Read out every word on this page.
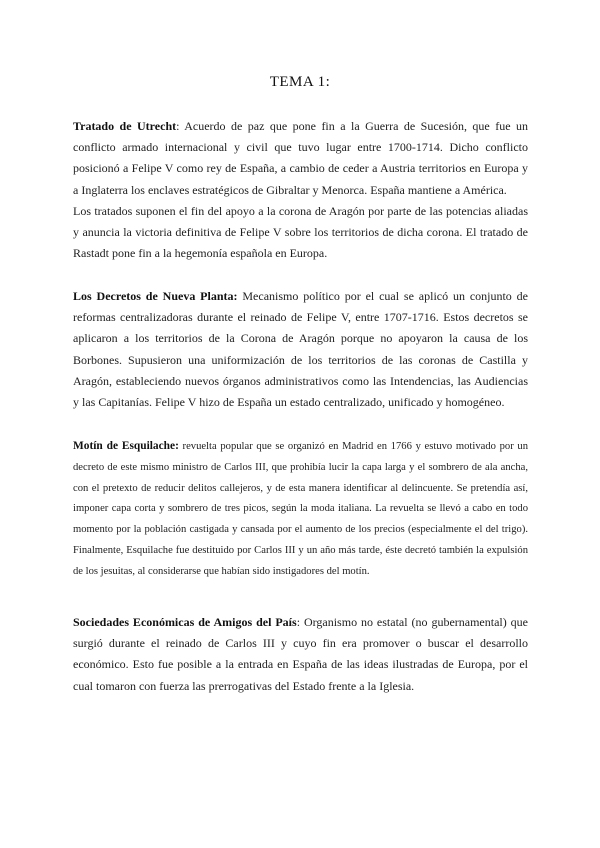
TEMA 1:

Tratado de Utrecht: Acuerdo de paz que pone fin a la Guerra de Sucesión, que fue un conflicto armado internacional y civil que tuvo lugar entre 1700-1714. Dicho conflicto posicionó a Felipe V como rey de España, a cambio de ceder a Austria territorios en Europa y a Inglaterra los enclaves estratégicos de Gibraltar y Menorca. España mantiene a América.

Los tratados suponen el fin del apoyo a la corona de Aragón por parte de las potencias aliadas y anuncia la victoria definitiva de Felipe V sobre los territorios de dicha corona. El tratado de Rastadt pone fin a la hegemonía española en Europa.

Los Decretos de Nueva Planta: Mecanismo político por el cual se aplicó un conjunto de reformas centralizadoras durante el reinado de Felipe V, entre 1707-1716. Estos decretos se aplicaron a los territorios de la Corona de Aragón porque no apoyaron la causa de los Borbones. Supusieron una uniformización de los territorios de las coronas de Castilla y Aragón, estableciendo nuevos órganos administrativos como las Intendencias, las Audiencias y las Capitanías. Felipe V hizo de España un estado centralizado, unificado y homogéneo.

Motín de Esquilache: revuelta popular que se organizó en Madrid en 1766 y estuvo motivado por un decreto de este mismo ministro de Carlos III, que prohibía lucir la capa larga y el sombrero de ala ancha, con el pretexto de reducir delitos callejeros, y de esta manera identificar al delincuente. Se pretendía así, imponer capa corta y sombrero de tres picos, según la moda italiana. La revuelta se llevó a cabo en todo momento por la población castigada y cansada por el aumento de los precios (especialmente el del trigo). Finalmente, Esquilache fue destituido por Carlos III y un año más tarde, éste decretó también la expulsión de los jesuitas, al considerarse que habían sido instigadores del motín.

Sociedades Económicas de Amigos del País: Organismo no estatal (no gubernamental) que surgió durante el reinado de Carlos III y cuyo fin era promover o buscar el desarrollo económico. Esto fue posible a la entrada en España de las ideas ilustradas de Europa, por el cual tomaron con fuerza las prerrogativas del Estado frente a la Iglesia.
